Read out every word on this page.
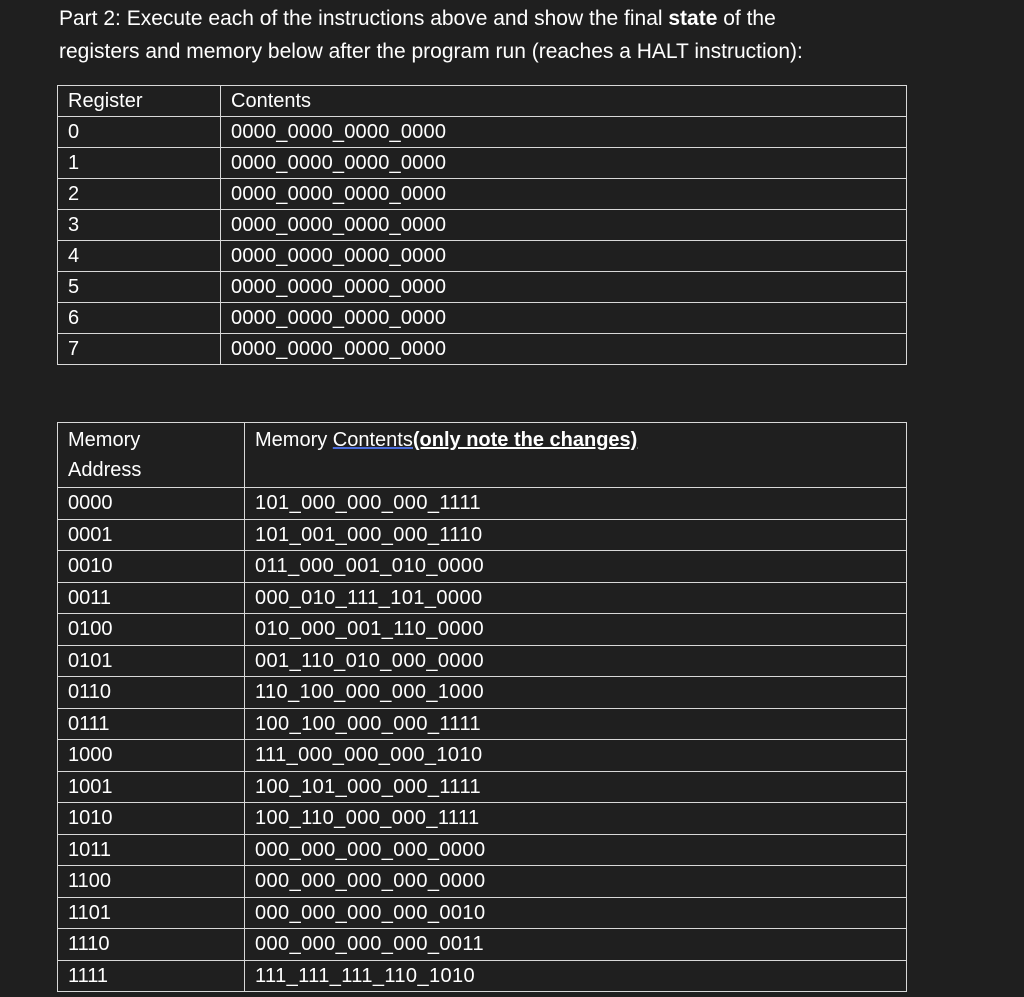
Part 2: Execute each of the instructions above and show the final state of the
registers and memory below after the program run (reaches a HALT instruction):
Register	Contents
0	0000_0000_0000_0000
1	0000_0000_0000_0000
2	0000_0000_0000_0000
3	0000_0000_0000_0000
4	0000_0000_0000_0000
5	0000_0000_0000_0000
6	0000_0000_0000_0000
7	0000_0000_0000_0000
Memory
Address	Memory Contents(only note the changes)
0000	101_000_000_000_1111
0001	101_001_000_000_1110
0010	011_000_001_010_0000
0011	000_010_111_101_0000
0100	010_000_001_110_0000
0101	001_110_010_000_0000
0110	110_100_000_000_1000
0111	100_100_000_000_1111
1000	111_000_000_000_1010
1001	100_101_000_000_1111
1010	100_110_000_000_1111
1011	000_000_000_000_0000
1100	000_000_000_000_0000
1101	000_000_000_000_0010
1110	000_000_000_000_0011
1111	111_111_111_110_1010
